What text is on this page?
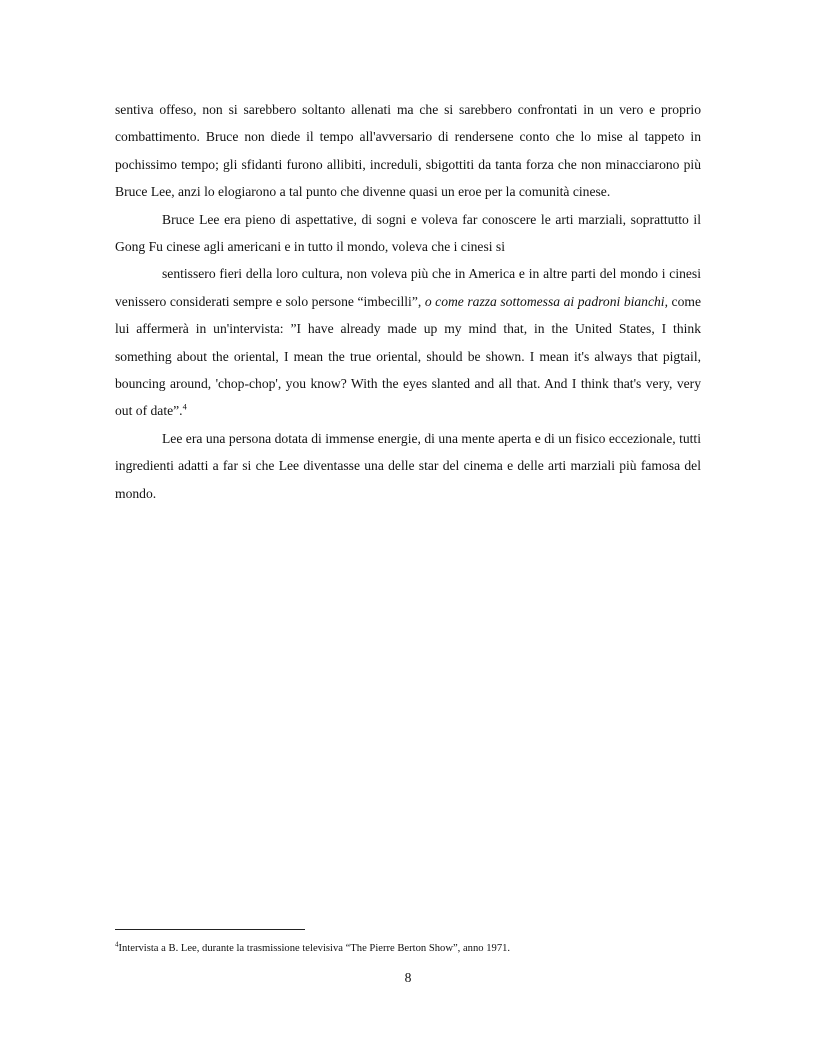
sentiva offeso, non si sarebbero soltanto allenati ma che si sarebbero confrontati in un vero e proprio combattimento. Bruce non diede il tempo all'avversario di rendersene conto che lo mise al tappeto in pochissimo tempo; gli sfidanti furono allibiti, increduli, sbigottiti da tanta forza che non minacciarono più Bruce Lee, anzi lo elogiarono a tal punto che divenne quasi un eroe per la comunità cinese.

Bruce Lee era pieno di aspettative, di sogni e voleva far conoscere le arti marziali, soprattutto il Gong Fu cinese agli americani e in tutto il mondo, voleva che i cinesi si

sentissero fieri della loro cultura, non voleva più che in America e in altre parti del mondo i cinesi venissero considerati sempre e solo persone “imbecilli”, o come razza sottomessa ai padroni bianchi, come lui affermerà in un'intervista: ”I have already made up my mind that, in the United States, I think something about the oriental, I mean the true oriental, should be shown. I mean it's always that pigtail, bouncing around, 'chop-chop', you know? With the eyes slanted and all that. And I think that's very, very out of date”.$^4$

Lee era una persona dotata di immense energie, di una mente aperta e di un fisico eccezionale, tutti ingredienti adatti a far si che Lee diventasse una delle star del cinema e delle arti marziali più famosa del mondo.

$^4$Intervista a B. Lee, durante la trasmissione televisiva “The Pierre Berton Show”, anno 1971.
8
